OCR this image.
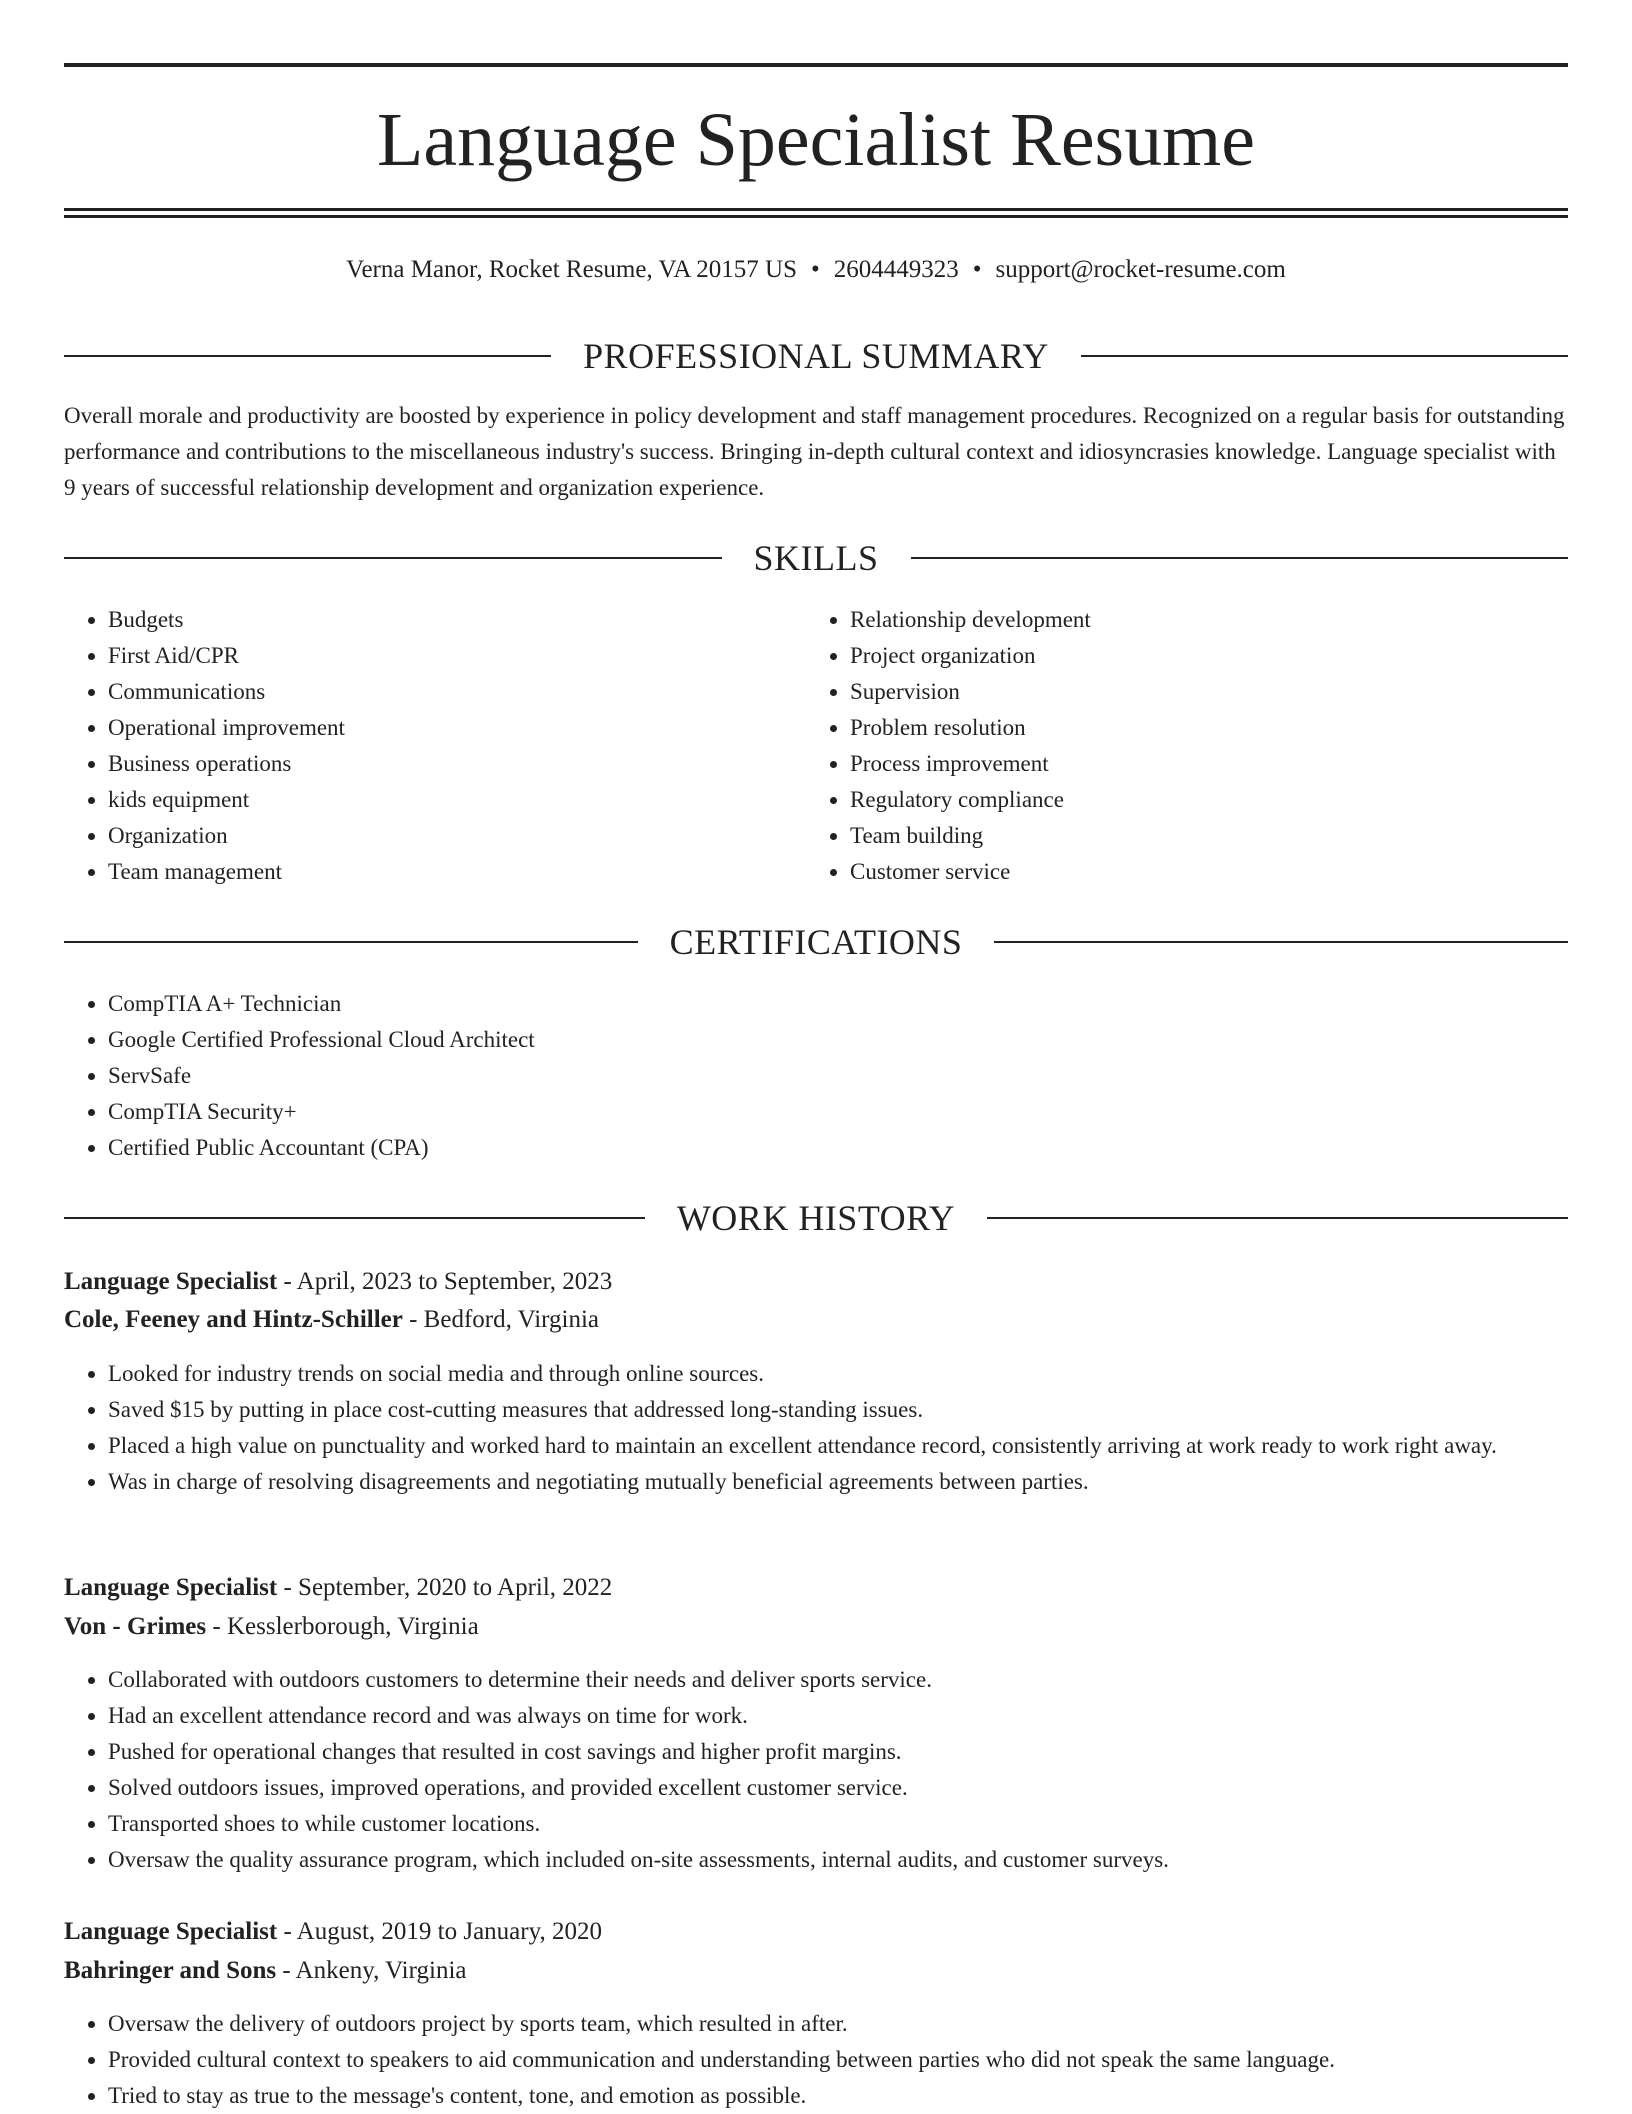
Language Specialist Resume
Verna Manor, Rocket Resume, VA 20157 US • 2604449323 • support@rocket-resume.com
PROFESSIONAL SUMMARY

Overall morale and productivity are boosted by experience in policy development and staff management procedures. Recognized on a regular basis for outstanding performance and contributions to the miscellaneous industry's success. Bringing in-depth cultural context and idiosyncrasies knowledge. Language specialist with 9 years of successful relationship development and organization experience.

SKILLS
• Budgets
• First Aid/CPR
• Communications
• Operational improvement
• Business operations
• kids equipment
• Organization
• Team management
• Relationship development
• Project organization
• Supervision
• Problem resolution
• Process improvement
• Regulatory compliance
• Team building
• Customer service
CERTIFICATIONS
• CompTIA A+ Technician
• Google Certified Professional Cloud Architect
• ServSafe
• CompTIA Security+
• Certified Public Accountant (CPA)
WORK HISTORY
Language Specialist - April, 2023 to September, 2023
Cole, Feeney and Hintz-Schiller - Bedford, Virginia
• Looked for industry trends on social media and through online sources.
• Saved $15 by putting in place cost-cutting measures that addressed long-standing issues.
• Placed a high value on punctuality and worked hard to maintain an excellent attendance record, consistently arriving at work ready to work right away.
• Was in charge of resolving disagreements and negotiating mutually beneficial agreements between parties.
Language Specialist - September, 2020 to April, 2022
Von - Grimes - Kesslerborough, Virginia
• Collaborated with outdoors customers to determine their needs and deliver sports service.
• Had an excellent attendance record and was always on time for work.
• Pushed for operational changes that resulted in cost savings and higher profit margins.
• Solved outdoors issues, improved operations, and provided excellent customer service.
• Transported shoes to while customer locations.
• Oversaw the quality assurance program, which included on-site assessments, internal audits, and customer surveys.
Language Specialist - August, 2019 to January, 2020
Bahringer and Sons - Ankeny, Virginia
• Oversaw the delivery of outdoors project by sports team, which resulted in after.
• Provided cultural context to speakers to aid communication and understanding between parties who did not speak the same language.
• Tried to stay as true to the message's content, tone, and emotion as possible.
